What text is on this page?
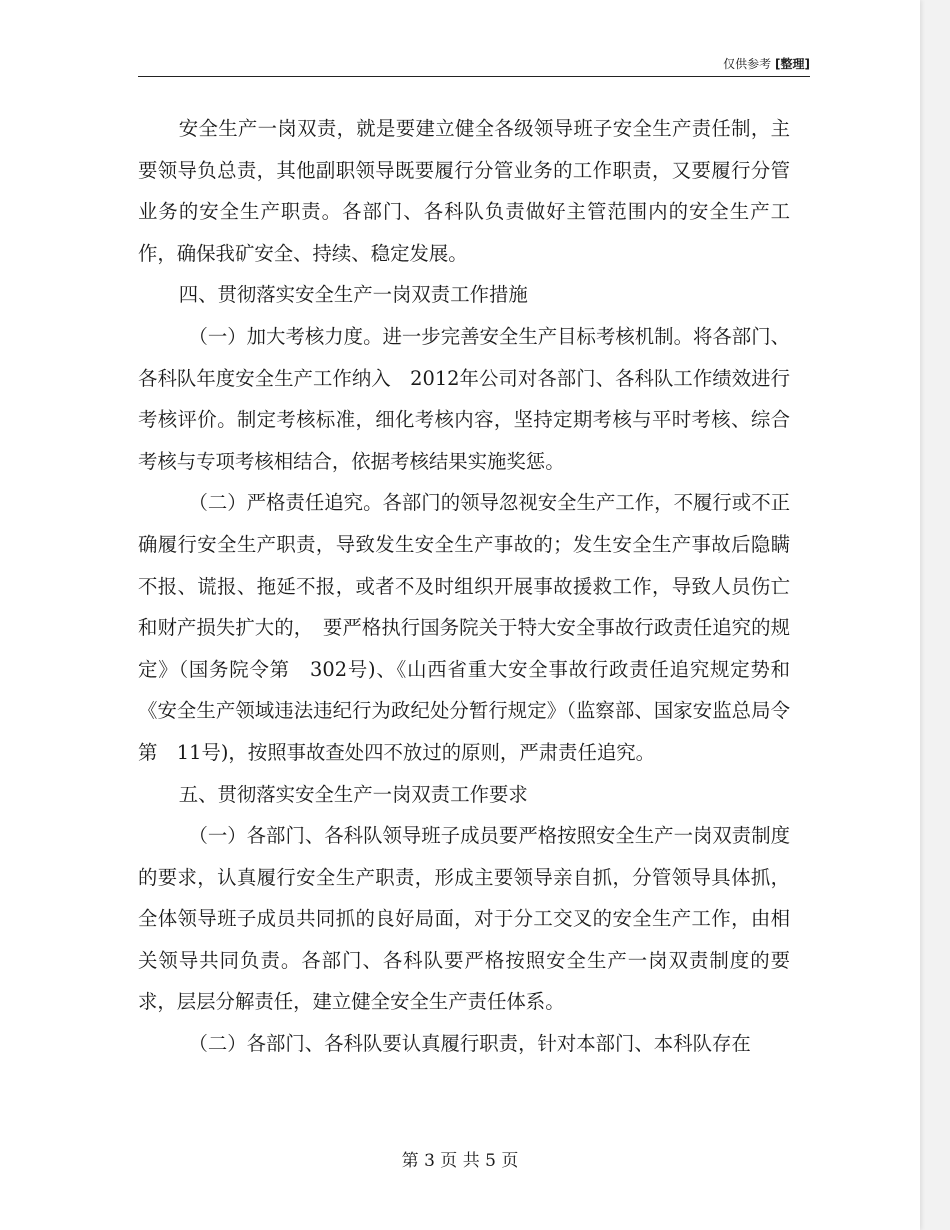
仅供参考 [整理]

安全生产一岗双责，就是要建立健全各级领导班子安全生产责任制，主要领导负总责，其他副职领导既要履行分管业务的工作职责，又要履行分管业务的安全生产职责。各部门、各科队负责做好主管范围内的安全生产工作，确保我矿安全、持续、稳定发展。

四、贯彻落实安全生产一岗双责工作措施

（一）加大考核力度。进一步完善安全生产目标考核机制。将各部门、各科队年度安全生产工作纳入　2012年公司对各部门、各科队工作绩效进行考核评价。制定考核标准，细化考核内容，坚持定期考核与平时考核、综合考核与专项考核相结合，依据考核结果实施奖惩。

（二）严格责任追究。各部门的领导忽视安全生产工作，不履行或不正确履行安全生产职责，导致发生安全生产事故的；发生安全生产事故后隐瞒不报、谎报、拖延不报，或者不及时组织开展事故援救工作，导致人员伤亡和财产损失扩大的，　要严格执行国务院关于特大安全事故行政责任追究的规定》（国务院令第　302号)、《山西省重大安全事故行政责任追究规定势和《安全生产领域违法违纪行为政纪处分暂行规定》（监察部、国家安监总局令第　11号)，按照事故查处四不放过的原则，严肃责任追究。

五、贯彻落实安全生产一岗双责工作要求

（一）各部门、各科队领导班子成员要严格按照安全生产一岗双责制度的要求，认真履行安全生产职责，形成主要领导亲自抓，分管领导具体抓，全体领导班子成员共同抓的良好局面，对于分工交叉的安全生产工作，由相关领导共同负责。各部门、各科队要严格按照安全生产一岗双责制度的要求，层层分解责任，建立健全安全生产责任体系。

（二）各部门、各科队要认真履行职责，针对本部门、本科队存在

第 3 页 共 5 页
